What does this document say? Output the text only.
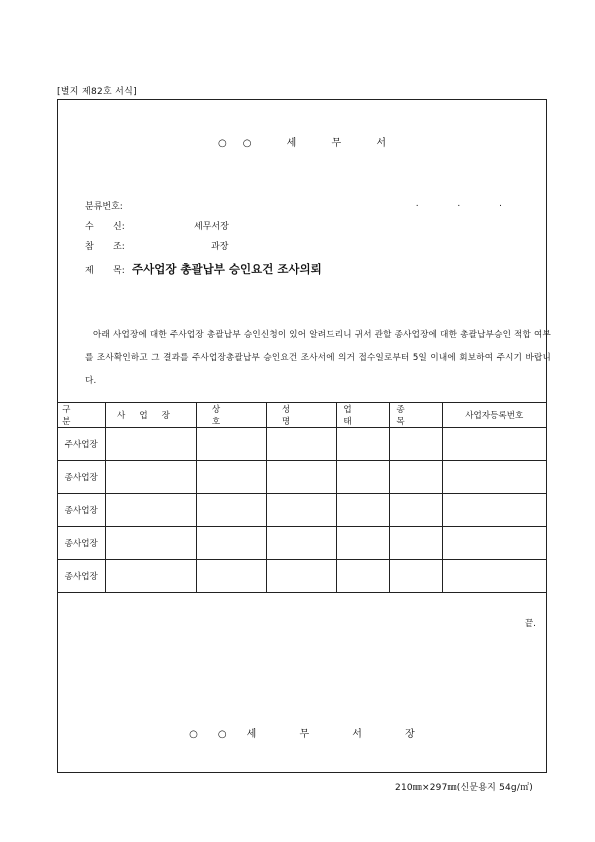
[별지 제82호 서식]
○○ 세 무 서
분류번호:	. . .
수 신:	세무서장
참 조:	과장
제 목: 주사업장 총괄납부 승인요건 조사의뢰
아래 사업장에 대한 주사업장 총괄납부 승인신청이 있어 알려드리니 귀서 관할 종사업장에 대한 총괄납부승인 적합 여부를 조사확인하고 그 결과를 주사업장총괄납부 승인요건 조사서에 의거 접수일로부터 5일 이내에 회보하여 주시기 바랍니다.
구분	사업장	상호	성명	업태	종목	사업자등록번호
주사업장						
종사업장						
종사업장						
종사업장						
종사업장						
끝.
○○세 무 서 장
210㎜×297㎜(신문용지 54g/㎡)
